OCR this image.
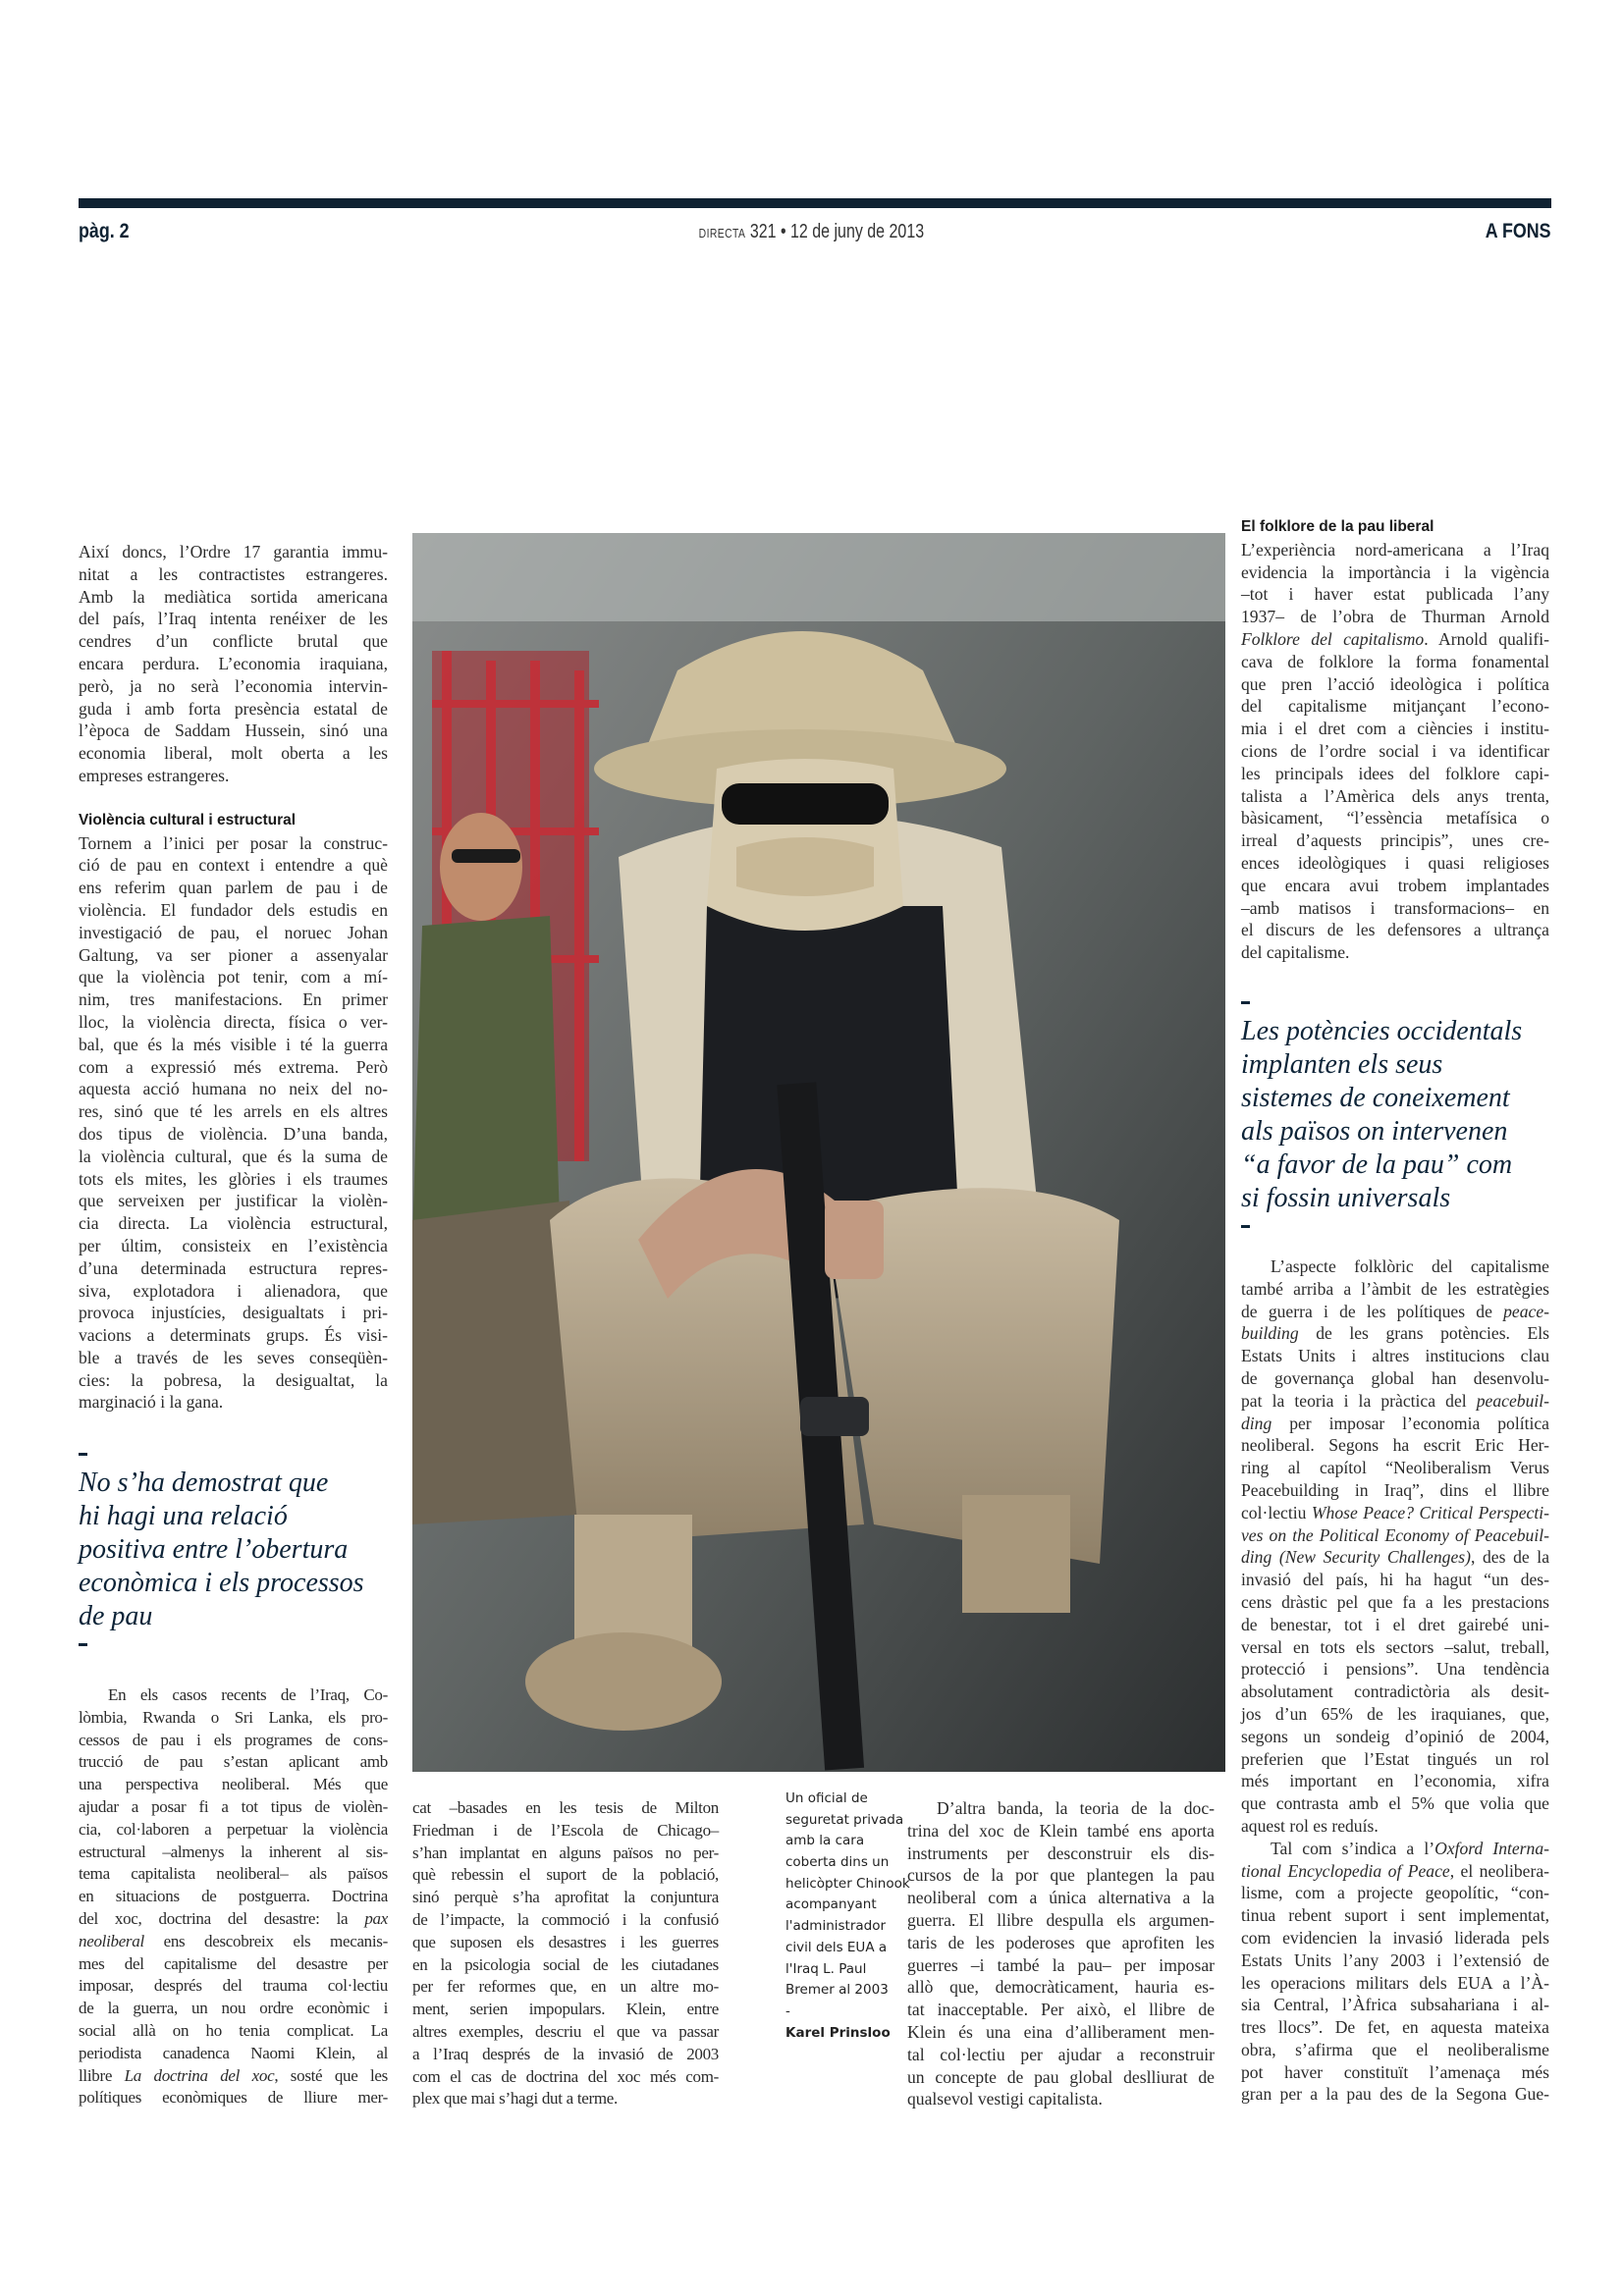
pàg. 2	DIRECTA 321 • 12 de juny de 2013	A FONS
Així doncs, l’Ordre 17 garantia immu-
nitat a les contractistes estrangeres.
Amb la mediàtica sortida americana
del país, l’Iraq intenta renéixer de les
cendres d’un conflicte brutal que
encara perdura. L’economia iraquiana,
però, ja no serà l’economia intervin-
guda i amb forta presència estatal de
l’època de Saddam Hussein, sinó una
economia liberal, molt oberta a les
empreses estrangeres.
Violència cultural i estructural
Tornem a l’inici per posar la construc-
ció de pau en context i entendre a què
ens referim quan parlem de pau i de
violència. El fundador dels estudis en
investigació de pau, el noruec Johan
Galtung, va ser pioner a assenyalar
que la violència pot tenir, com a mí-
nim, tres manifestacions. En primer
lloc, la violència directa, física o ver-
bal, que és la més visible i té la guerra
com a expressió més extrema. Però
aquesta acció humana no neix del no-
res, sinó que té les arrels en els altres
dos tipus de violència. D’una banda,
la violència cultural, que és la suma de
tots els mites, les glòries i els traumes
que serveixen per justificar la violèn-
cia directa. La violència estructural,
per últim, consisteix en l’existència
d’una determinada estructura repres-
siva, explotadora i alienadora, que
provoca injustícies, desigualtats i pri-
vacions a determinats grups. És visi-
ble a través de les seves conseqüèn-
cies: la pobresa, la desigualtat, la
marginació i la gana.
No s’ha demostrat que
hi hagi una relació
positiva entre l’obertura
econòmica i els processos
de pau
En els casos recents de l’Iraq, Co-
lòmbia, Rwanda o Sri Lanka, els pro-
cessos de pau i els programes de cons-
trucció de pau s’estan aplicant amb
una perspectiva neoliberal. Més que
ajudar a posar fi a tot tipus de violèn-
cia, col·laboren a perpetuar la violència
estructural –almenys la inherent al sis-
tema capitalista neoliberal– als països
en situacions de postguerra. Doctrina
del xoc, doctrina del desastre: la pax
neoliberal ens descobreix els mecanis-
mes del capitalisme del desastre per
imposar, després del trauma col·lectiu
de la guerra, un nou ordre econòmic i
social allà on ho tenia complicat. La
periodista canadenca Naomi Klein, al
llibre La doctrina del xoc, sosté que les
polítiques econòmiques de lliure mer-
cat –basades en les tesis de Milton
Friedman i de l’Escola de Chicago–
s’han implantat en alguns països no per-
què rebessin el suport de la població,
sinó perquè s’ha aprofitat la conjuntura
de l’impacte, la commoció i la confusió
que suposen els desastres i les guerres
en la psicologia social de les ciutadanes
per fer reformes que, en un altre mo-
ment, serien impopulars. Klein, entre
altres exemples, descriu el que va passar
a l’Iraq després de la invasió de 2003
com el cas de doctrina del xoc més com-
plex que mai s’hagi dut a terme.
D’altra banda, la teoria de la doc-
trina del xoc de Klein també ens aporta
instruments per desconstruir els dis-
cursos de la por que plantegen la pau
neoliberal com a única alternativa a la
guerra. El llibre despulla els argumen-
taris de les poderoses que aprofiten les
guerres –i també la pau– per imposar
allò que, democràticament, hauria es-
tat inacceptable. Per això, el llibre de
Klein és una eina d’alliberament men-
tal col·lectiu per ajudar a reconstruir
un concepte de pau global deslliurat de
qualsevol vestigi capitalista.
El folklore de la pau liberal
L’experiència nord-americana a l’Iraq
evidencia la importància i la vigència
–tot i haver estat publicada l’any
1937– de l’obra de Thurman Arnold
Folklore del capitalismo. Arnold qualifi-
cava de folklore la forma fonamental
que pren l’acció ideològica i política
del capitalisme mitjançant l’econo-
mia i el dret com a ciències i institu-
cions de l’ordre social i va identificar
les principals idees del folklore capi-
talista a l’Amèrica dels anys trenta,
bàsicament, “l’essència metafísica o
irreal d’aquests principis”, unes cre-
ences ideològiques i quasi religioses
que encara avui trobem implantades
–amb matisos i transformacions– en
el discurs de les defensores a ultrança
del capitalisme.
Les potències occidentals
implanten els seus
sistemes de coneixement
als països on intervenen
“a favor de la pau” com
si fossin universals
L’aspecte folklòric del capitalisme
també arriba a l’àmbit de les estratègies
de guerra i de les polítiques de peace-
building de les grans potències. Els
Estats Units i altres institucions clau
de governança global han desenvolu-
pat la teoria i la pràctica del peacebuil-
ding per imposar l’economia política
neoliberal. Segons ha escrit Eric Her-
ring al capítol “Neoliberalism Verus
Peacebuilding in Iraq”, dins el llibre
col·lectiu Whose Peace? Critical Perspecti-
ves on the Political Economy of Peacebuil-
ding (New Security Challenges), des de la
invasió del país, hi ha hagut “un des-
cens dràstic pel que fa a les prestacions
de benestar, tot i el dret gairebé uni-
versal en tots els sectors –salut, treball,
protecció i pensions”. Una tendència
absolutament contradictòria als desit-
jos d’un 65% de les iraquianes, que,
segons un sondeig d’opinió de 2004,
preferien que l’Estat tingués un rol
més important en l’economia, xifra
que contrasta amb el 5% que volia que
aquest rol es reduís.
Tal com s’indica a l’Oxford Interna-
tional Encyclopedia of Peace, el neolibera-
lisme, com a projecte geopolític, “con-
tinua rebent suport i sent implementat,
com evidencien la invasió liderada pels
Estats Units l’any 2003 i l’extensió de
les operacions militars dels EUA a l’À-
sia Central, l’Àfrica subsahariana i al-
tres llocs”. De fet, en aquesta mateixa
obra, s’afirma que el neoliberalisme
pot haver constituït l’amenaça més
gran per a la pau des de la Segona Gue-
Un oficial de
seguretat privada
amb la cara
coberta dins un
helicòpter Chinook
acompanyant
l'administrador
civil dels EUA a
l'Iraq L. Paul
Bremer al 2003
-
Karel Prinsloo
